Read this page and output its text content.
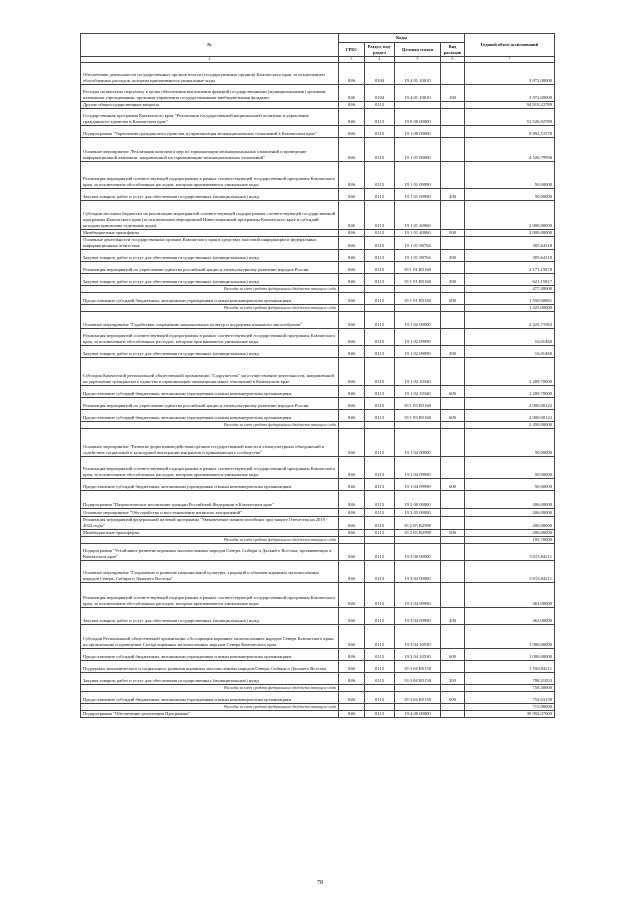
№	Коды				Годовой объем ассигнований
	ГРБС	Раздел, под-раздел	Целевая статья	Вид расходов	
2	3	4	5	6	7
Обеспечение деятельности государственных органов власти (государственных органов) Камчатского края, за исключением обособленных расходов, которым присваиваются уникальные коды	846	0104	19 4 01 10010		3 972,00000
Расходы на выплаты персоналу в целях обеспечения выполнения функций государственными (муниципальными) органами, казенными учреждениями, органами управления государственными внебюджетными фондами	846	0104	19 4 01 10010	100	3 972,00000
Другие общегосударственные вопросы	846	0113			94 819,22789
Государственная программа Камчатского края "Реализация государственной национальной политики и укрепление гражданского единства в Камчатском крае"	846	0113	19 0 00 00000		51 526,92789
Подпрограмма "Укрепление гражданского единства и гармонизация межнациональных отношений в Камчатском крае"	846	0113	19 1 00 00000		8 892,51578
Основное мероприятие "Реализация комплекса мер по гармонизации межнациональных отношений и проведение информационной кампании, направленной на гармонизацию межнациональных отношений"	846	0113	19 1 01 00000		4 526,79996
Реализация мероприятий соответствующей подпрограммы в рамках соответствующей государственной программы Камчатского края, за исключением обособленных расходов, которым присваиваются уникальные коды	846	0113	19 1 01 09990		50,00000
Закупка товаров, работ и услуг для обеспечения государственных (муниципальных) нужд	846	0113	19 1 01 09990	200	50,00000
Субсидии местным бюджетам на реализацию мероприятий соответствующей подпрограммы соответствующей государственной программы Камчатского края (за исключением мероприятий Инвестиционной программы Камчатского края и субсидий, которым присвоены отдельные коды)	846	0113	19 1 01 40060		2 000,00000
Межбюджетные трансферты	846	0113	19 1 01 40060	500	2 000,00000
Основные деятельности государственных органов Камчатского края в средствах массовой информации и федеральных информационных агентствах	846	0113	19 1 01 98704		305,64118
Закупка товаров, работ и услуг для обеспечения государственных (муниципальных) нужд	846	0113	19 1 01 98704	200	305,64118
Реализация мероприятий по укреплению единства российской нации и этнокультурному развитию народов России	846	0113	19 1 01 R5160		2 171,15878
Закупка товаров, работ и услуг для обеспечения государственных (муниципальных) нужд	846	0113	19 1 01 R5160	200	621,15817
Расходы за счет средств федерального бюджета текущего года					477,49000
Предоставление субсидий бюджетным, автономным учреждениям и иным некоммерческим организациям	846	0113	19 1 01 R5160	600	1 550,00061
Расходы за счет средств федерального бюджета текущего года					1 425,00000
Основное мероприятие "Содействие сохранению национальных культур и поддержка языкового многообразия"	846	0113	19 1 02 00000		2 225,71582
Реализация мероприятий соответствующей подпрограммы в рамках соответствующей государственной программы Камчатского края, за исключением обособленных расходов, которым присваиваются уникальные коды	846	0113	19 1 02 09990		16,01460
Закупка товаров, работ и услуг для обеспечения государственных (муниципальных) нужд	846	0113	19 1 02 09990	200	16,01460
Субсидия Камчатской региональной общественной организации "Содружество" на осуществление деятельности, направленной на укрепление гражданского единства и гармонизацию межнациональных отношений в Камчатском крае	846	0113	19 1 02 10340		2 209,70000
Предоставление субсидий бюджетным, автономным учреждениям и иным некоммерческим организациям	846	0113	19 1 02 10340	600	2 209,70000
Реализация мероприятий по укреплению единства российской нации и этнокультурному развитию народов России	846	0113	19 1 03 R5160		2 000,00122
Предоставление субсидий бюджетным, автономным учреждениям и иным некоммерческим организациям	846	0113	19 1 03 R5160	600	2 000,00122
Расходы за счет средств федерального бюджета текущего года					2 450,00000
Основное мероприятие "Развитие форм взаимодействия органов государственной власти и этнокультурных объединений и содействие социальной и культурной интеграции мигрантов и принимающего сообщества"	846	0113	19 1 04 00000		50,00000
Реализация мероприятий соответствующей подпрограммы в рамках соответствующей государственной программы Камчатского края, за исключением обособленных расходов, которым присваиваются уникальные коды	846	0113	19 1 04 09990		50,00000
Предоставление субсидий бюджетным, автономным учреждениям и иным некоммерческим организациям	846	0113	19 1 04 09990	600	50,00000
Подпрограмма "Патриотическое воспитание граждан Российской Федерации в Камчатском крае"	846	0113	19 2 00 00000		206,00000
Основное мероприятие "Обустройство и восстановление воинских захоронений"	846	0113	19 2 05 00000		206,00000
Реализация мероприятий федеральной целевой программы "Увековечение памяти погибших при защите Отечества на 2019 - 2024 годы"	846	0113	19 2 05 R2990		206,00000
Межбюджетные трансферты	846	0113	19 2 05 R2990	500	206,00000
Расходы за счет средств федерального бюджета текущего года					195,70000
Подпрограмма "Устойчивое развитие коренных малочисленных народов Севера, Сибири и Дальнего Востока, проживающих в Камчатском крае"	846	0113	19 3 00 00000		3 013,84211
Основное мероприятие "Сохранение и развитие национальной культуры, традиций и обычаев коренных малочисленных народов Севера, Сибири и Дальнего Востока"	846	0113	19 3 04 00000		3 013,84211
Реализация мероприятий соответствующей подпрограммы в рамках соответствующей государственной программы Камчатского края, за исключением обособленных расходов, которым присваиваются уникальные коды	846	0113	19 3 04 09990		463,00000
Закупка товаров, работ и услуг для обеспечения государственных (муниципальных) нужд	846	0113	19 3 04 09990	200	463,00000
Субсидия Региональной общественной организации «Ассоциация коренных малочисленных народов Севера Камчатского края» на организацию и проведение Съезда коренных малочисленных народов Севера Камчатского края	846	0113	19 3 04 10530		1 000,00000
Предоставление субсидий бюджетным, автономным учреждениям и иным некоммерческим организациям	846	0113	19 3 04 10530	600	1 000,00000
Поддержка экономического и социального развития коренных малочисленных народов Севера, Сибири и Дальнего Востока	846	0113	19 3 04 R5150		1 550,84211
Закупка товаров, работ и услуг для обеспечения государственных (муниципальных) нужд	846	0113	19 3 04 R5150	200	798,21053
Расходы за счет средств федерального бюджета текущего года					758,30000
Предоставление субсидий бюджетным, автономным учреждениям и иным некоммерческим организациям	846	0113	19 3 04 R5150	600	752,63158
Расходы за счет средств федерального бюджета текущего года					715,00000
Подпрограмма "Обеспечение реализации Программы"	846	0113	19 4 00 00000		39 992,07000
78
